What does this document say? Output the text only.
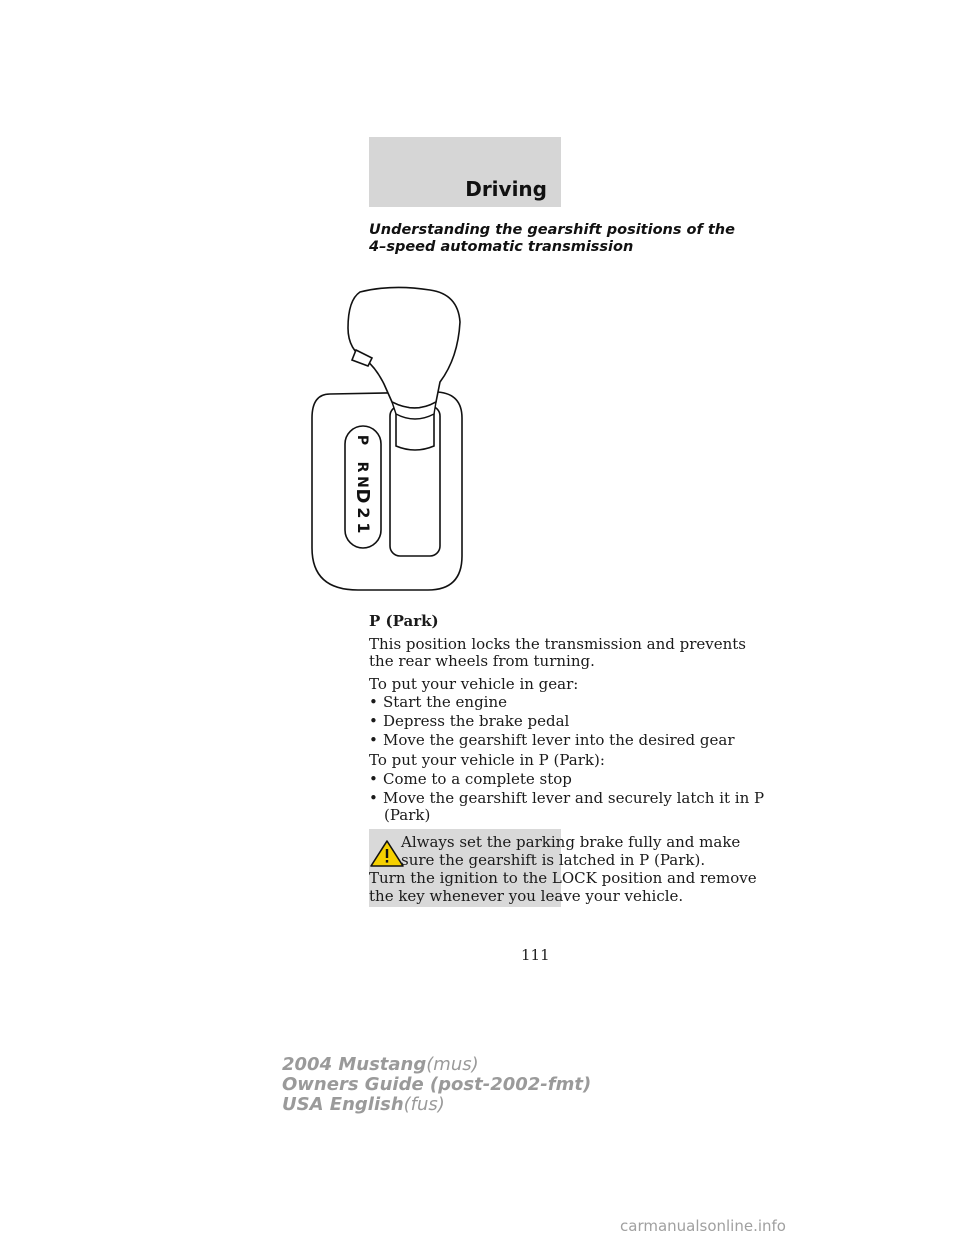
Driving
Understanding the gearshift positions of the
4–speed automatic transmission
P
R
N
D
2
1
P (Park)
This position locks the transmission and prevents
the rear wheels from turning.
To put your vehicle in gear:
• Start the engine
• Depress the brake pedal
• Move the gearshift lever into the desired gear
To put your vehicle in P (Park):
• Come to a complete stop
• Move the gearshift lever and securely latch it in P
(Park)
Always set the parking brake fully and make
sure the gearshift is latched in P (Park).
Turn the ignition to the LOCK position and remove
the key whenever you leave your vehicle.
111
2004 Mustang(mus)
Owners Guide (post-2002-fmt)
USA English(fus)
carmanualsonline.info
